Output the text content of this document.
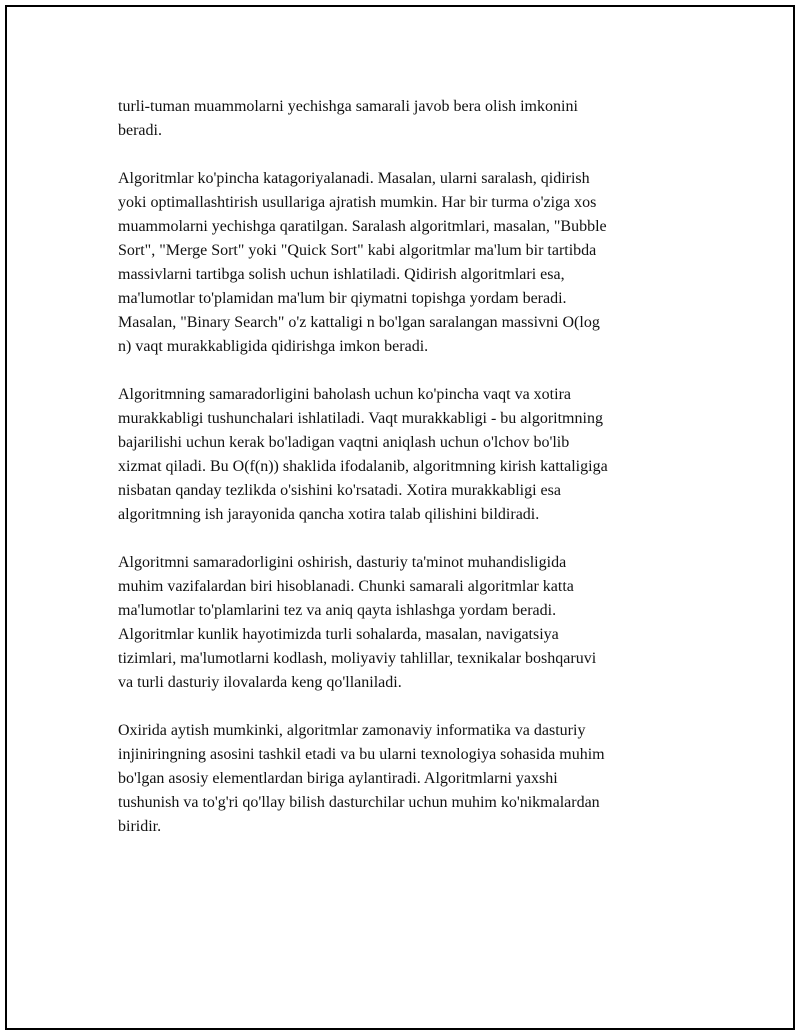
turli-tuman muammolarni yechishga samarali javob bera olish imkonini
beradi.
Algoritmlar ko'pincha katagoriyalanadi. Masalan, ularni saralash, qidirish
yoki optimallashtirish usullariga ajratish mumkin. Har bir turma o'ziga xos
muammolarni yechishga qaratilgan. Saralash algoritmlari, masalan, "Bubble
Sort", "Merge Sort" yoki "Quick Sort" kabi algoritmlar ma'lum bir tartibda
massivlarni tartibga solish uchun ishlatiladi. Qidirish algoritmlari esa,
ma'lumotlar to'plamidan ma'lum bir qiymatni topishga yordam beradi.
Masalan, "Binary Search" o'z kattaligi n bo'lgan saralangan massivni O(log
n) vaqt murakkabligida qidirishga imkon beradi.
Algoritmning samaradorligini baholash uchun ko'pincha vaqt va xotira
murakkabligi tushunchalari ishlatiladi. Vaqt murakkabligi - bu algoritmning
bajarilishi uchun kerak bo'ladigan vaqtni aniqlash uchun o'lchov bo'lib
xizmat qiladi. Bu O(f(n)) shaklida ifodalanib, algoritmning kirish kattaligiga
nisbatan qanday tezlikda o'sishini ko'rsatadi. Xotira murakkabligi esa
algoritmning ish jarayonida qancha xotira talab qilishini bildiradi.
Algoritmni samaradorligini oshirish, dasturiy ta'minot muhandisligida
muhim vazifalardan biri hisoblanadi. Chunki samarali algoritmlar katta
ma'lumotlar to'plamlarini tez va aniq qayta ishlashga yordam beradi.
Algoritmlar kunlik hayotimizda turli sohalarda, masalan, navigatsiya
tizimlari, ma'lumotlarni kodlash, moliyaviy tahlillar, texnikalar boshqaruvi
va turli dasturiy ilovalarda keng qo'llaniladi.
Oxirida aytish mumkinki, algoritmlar zamonaviy informatika va dasturiy
injiniringning asosini tashkil etadi va bu ularni texnologiya sohasida muhim
bo'lgan asosiy elementlardan biriga aylantiradi. Algoritmlarni yaxshi
tushunish va to'g'ri qo'llay bilish dasturchilar uchun muhim ko'nikmalardan
biridir.
